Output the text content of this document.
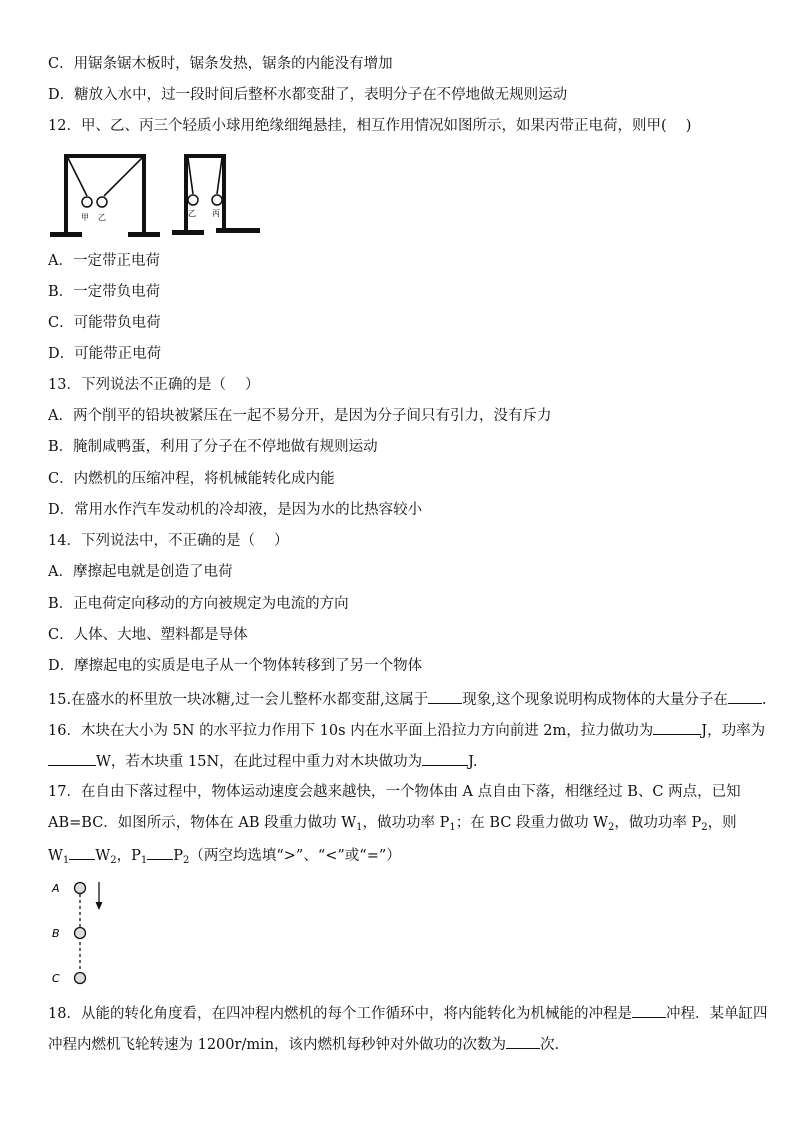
C．用锯条锯木板时，锯条发热，锯条的内能没有增加
D．糖放入水中，过一段时间后整杯水都变甜了，表明分子在不停地做无规则运动
12．甲、乙、丙三个轻质小球用绝缘细绳悬挂，相互作用情况如图所示，如果丙带正电荷，则甲(　 )
甲 乙	乙 丙
A．一定带正电荷
B．一定带负电荷
C．可能带负电荷
D．可能带正电荷
13．下列说法不正确的是（　 ）
A．两个削平的铅块被紧压在一起不易分开，是因为分子间只有引力，没有斥力
B．腌制咸鸭蛋，利用了分子在不停地做有规则运动
C．内燃机的压缩冲程，将机械能转化成内能
D．常用水作汽车发动机的冷却液，是因为水的比热容较小
14．下列说法中，不正确的是（　 ）
A．摩擦起电就是创造了电荷
B．正电荷定向移动的方向被规定为电流的方向
C．人体、大地、塑料都是导体
D．摩擦起电的实质是电子从一个物体转移到了另一个物体
15.在盛水的杯里放一块冰糖,过一会儿整杯水都变甜,这属于 现象,这个现象说明构成物体的大量分子在 .
16．木块在大小为 5N 的水平拉力作用下 10s 内在水平面上沿拉力方向前进 2m，拉力做功为	J，功率为
W，若木块重 15N，在此过程中重力对木块做功为	J.
17．在自由下落过程中，物体运动速度会越来越快，一个物体由 A 点自由下落，相继经过 B、C 两点，已知
AB=BC．如图所示，物体在 AB 段重力做功 $W_1$，做功功率 $P_1$；在 BC 段重力做功 $W_2$，做功功率 $P_2$，则
$W_1$ $W_2$，$P_1$ $P_2$（两空均选填“>”、“<”或“=”）
A
B
C
18．从能的转化角度看，在四冲程内燃机的每个工作循环中，将内能转化为机械能的冲程是 冲程．某单缸四
冲程内燃机飞轮转速为 1200r/min，该内燃机每秒钟对外做功的次数为 次.
